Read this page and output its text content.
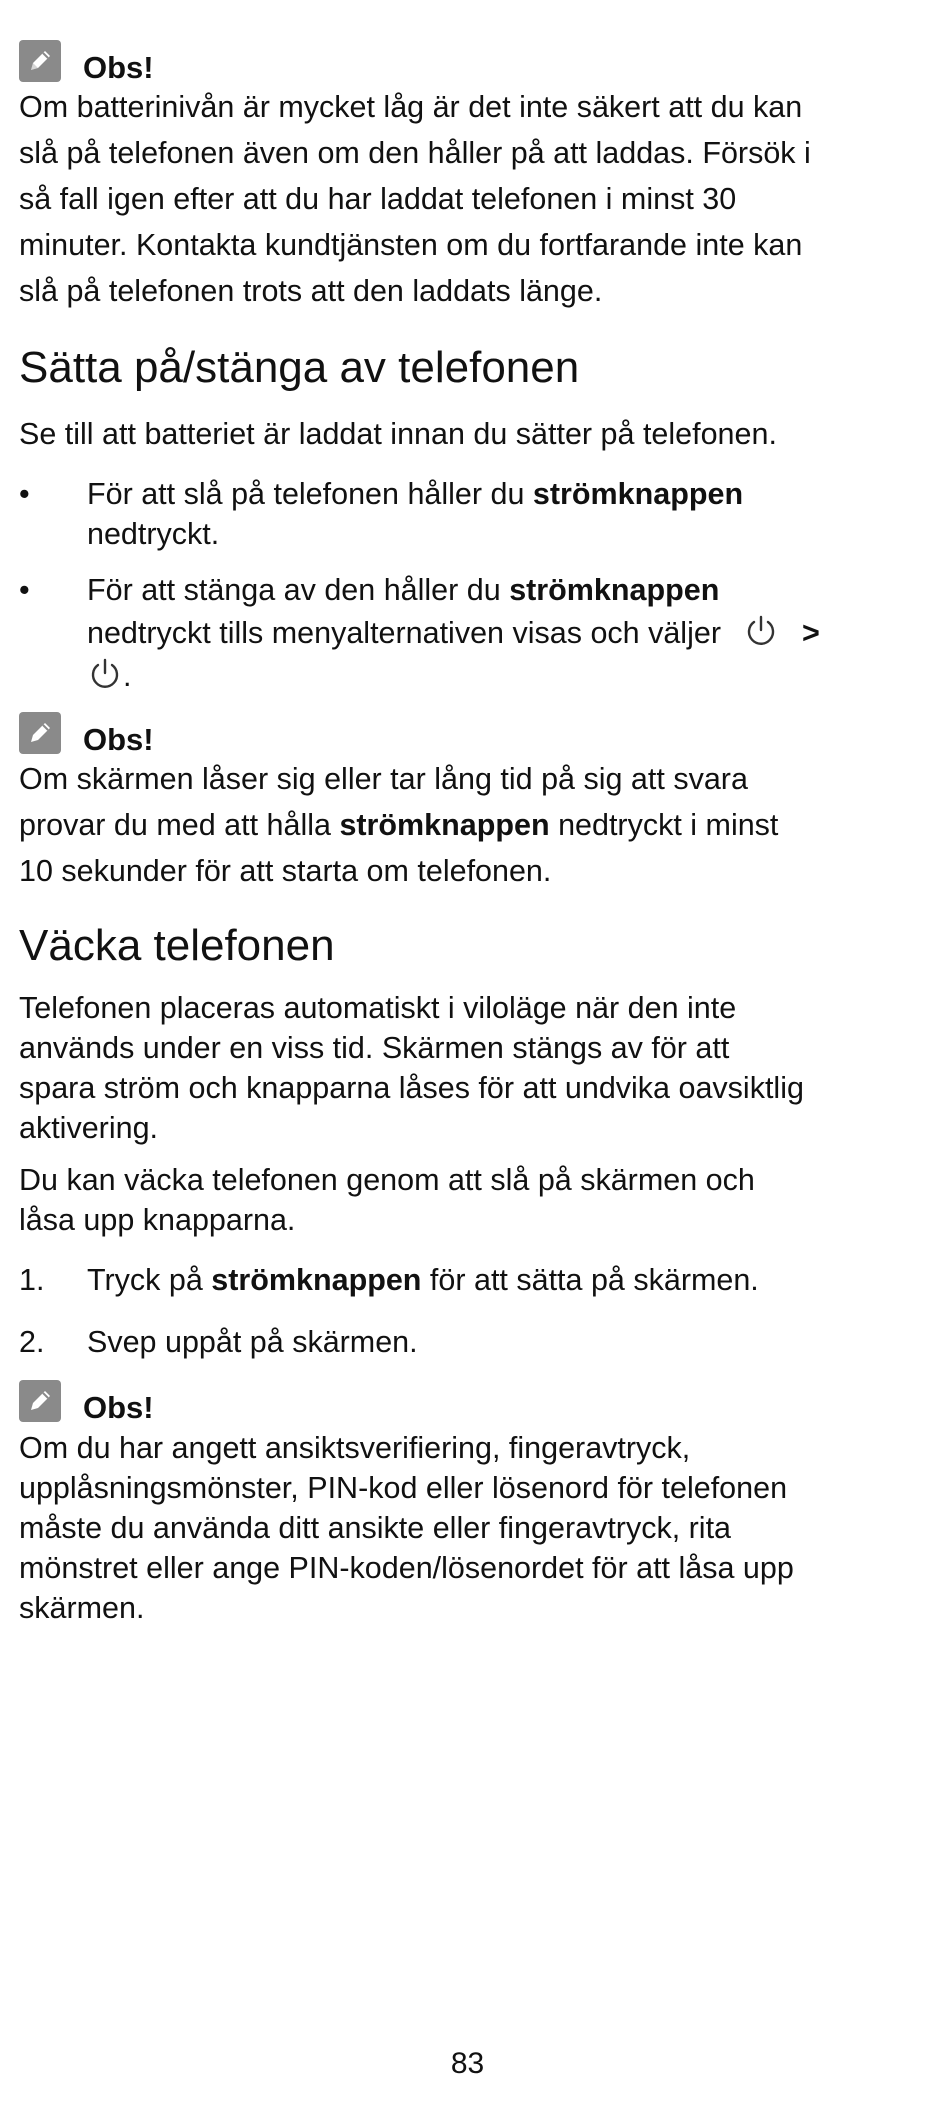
Obs!
Om batterinivån är mycket låg är det inte säkert att du kan
slå på telefonen även om den håller på att laddas. Försök i
så fall igen efter att du har laddat telefonen i minst 30
minuter. Kontakta kundtjänsten om du fortfarande inte kan
slå på telefonen trots att den laddats länge.
Sätta på/stänga av telefonen

Se till att batteriet är laddat innan du sätter på telefonen.

• För att slå på telefonen håller du strömknappen
nedtryckt.
• För att stänga av den håller du strömknappen
nedtryckt tills menyalternativen visas och väljer	>
.
Obs!
Om skärmen låser sig eller tar lång tid på sig att svara
provar du med att hålla strömknappen nedtryckt i minst
10 sekunder för att starta om telefonen.
Väcka telefonen

Telefonen placeras automatiskt i viloläge när den inte

används under en viss tid. Skärmen stängs av för att

spara ström och knapparna låses för att undvika oavsiktlig

aktivering.

Du kan väcka telefonen genom att slå på skärmen och

låsa upp knapparna.

1. Tryck på strömknappen för att sätta på skärmen.
2. Svep uppåt på skärmen.
Obs!

Om du har angett ansiktsverifiering, fingeravtryck,

upplåsningsmönster, PIN-kod eller lösenord för telefonen

måste du använda ditt ansikte eller fingeravtryck, rita

mönstret eller ange PIN-koden/lösenordet för att låsa upp

skärmen.

83
